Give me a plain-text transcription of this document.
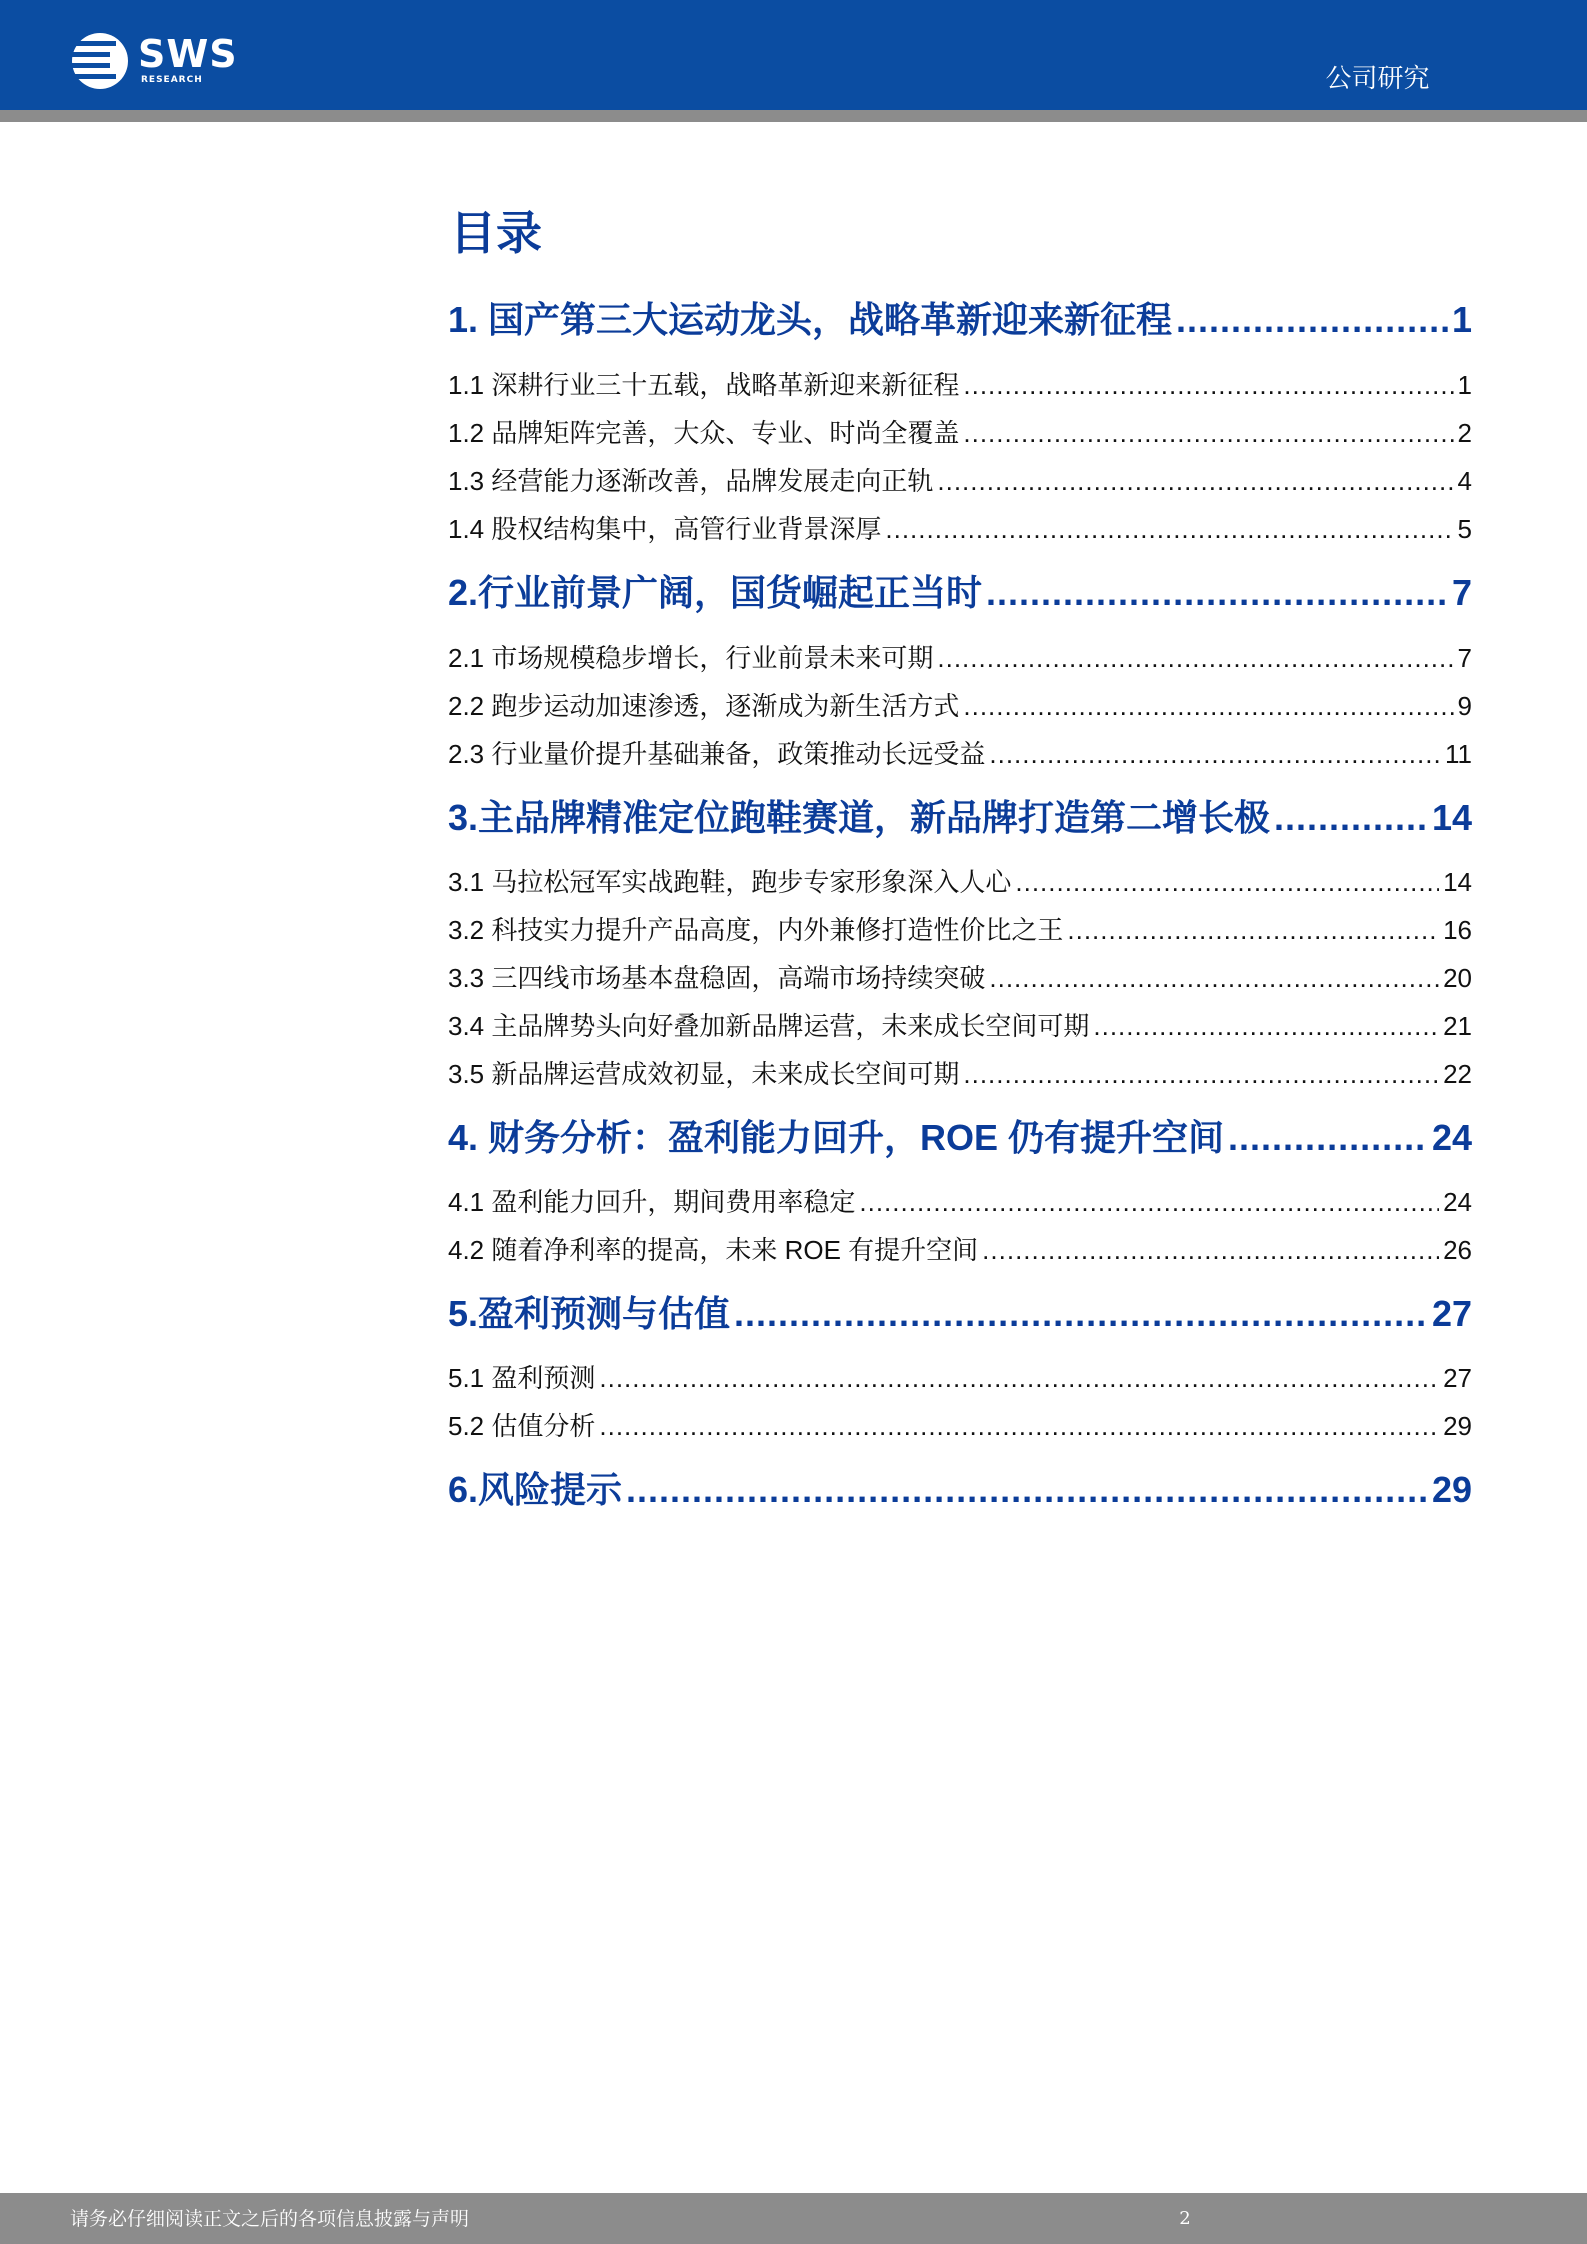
SWS
RESEARCH	公司研究
目录
1. 国产第三大运动龙头，战略革新迎来新征程 .....	1
1.1 深耕行业三十五载，战略革新迎来新征程 .....	1
1.2 品牌矩阵完善，大众、专业、时尚全覆盖 .....	2
1.3 经营能力逐渐改善，品牌发展走向正轨 .....	4
1.4 股权结构集中，高管行业背景深厚 .....	5
2.行业前景广阔，国货崛起正当时 .....	7
2.1 市场规模稳步增长，行业前景未来可期 .....	7
2.2 跑步运动加速渗透，逐渐成为新生活方式 .....	9
2.3 行业量价提升基础兼备，政策推动长远受益 .....	11
3.主品牌精准定位跑鞋赛道，新品牌打造第二增长极 .....	14
3.1 马拉松冠军实战跑鞋，跑步专家形象深入人心 .....	14
3.2 科技实力提升产品高度，内外兼修打造性价比之王 .....	16
3.3 三四线市场基本盘稳固，高端市场持续突破 .....	20
3.4 主品牌势头向好叠加新品牌运营，未来成长空间可期 .....	21
3.5 新品牌运营成效初显，未来成长空间可期 .....	22
4. 财务分析：盈利能力回升，ROE 仍有提升空间 .....	24
4.1 盈利能力回升，期间费用率稳定 .....	24
4.2 随着净利率的提高，未来 ROE 有提升空间 .....	26
5.盈利预测与估值 .....	27
5.1 盈利预测 .....	27
5.2 估值分析 .....	29
6.风险提示 .....	29
请务必仔细阅读正文之后的各项信息披露与声明	2
